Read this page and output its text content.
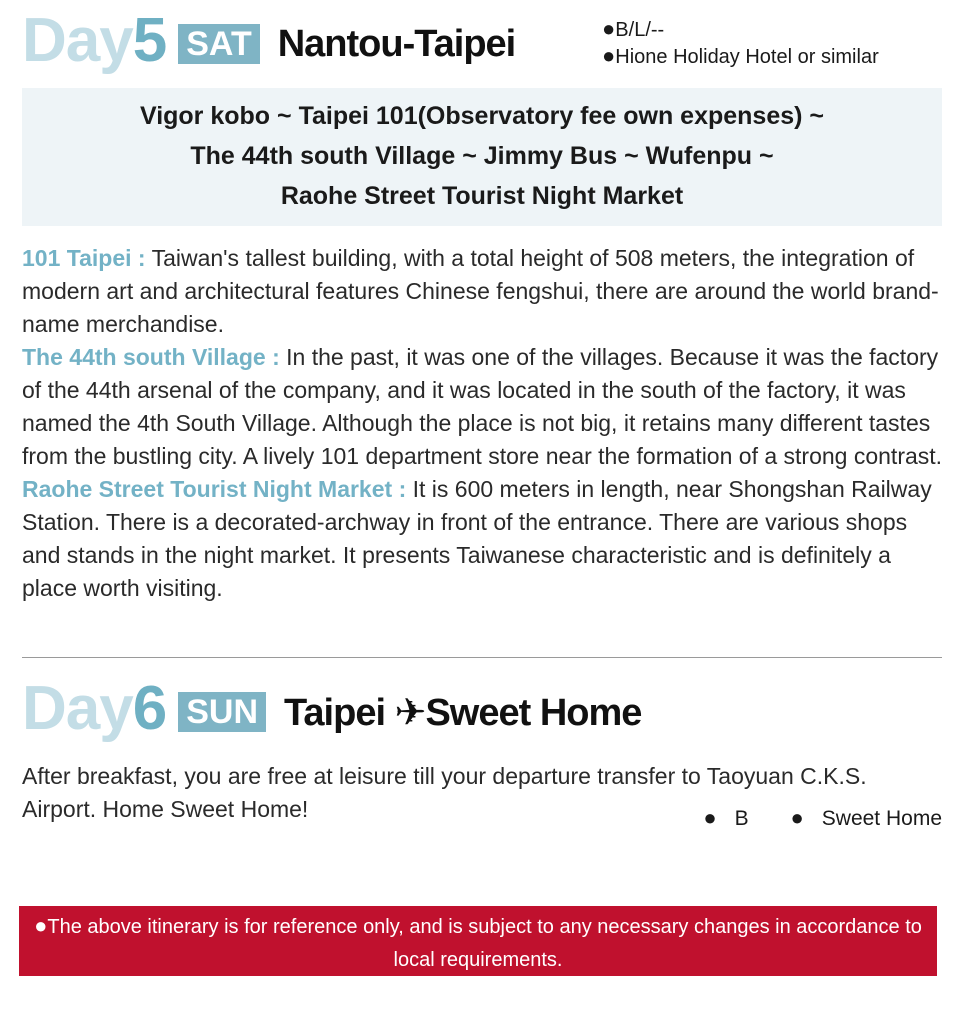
Day5 SAT Nantou-Taipei	●B/L/--
●Hione Holiday Hotel or similar
Vigor kobo ~ Taipei 101(Observatory fee own expenses) ~
The 44th south Village ~ Jimmy Bus ~ Wufenpu ~
Raohe Street Tourist Night Market

101 Taipei : Taiwan's tallest building, with a total height of 508 meters, the integration of modern art and architectural features Chinese fengshui, there are around the world brand-name merchandise.

The 44th south Village : In the past, it was one of the villages. Because it was the factory of the 44th arsenal of the company, and it was located in the south of the factory, it was named the 4th South Village. Although the place is not big, it retains many different tastes from the bustling city. A lively 101 department store near the formation of a strong contrast.

Raohe Street Tourist Night Market : It is 600 meters in length, near Shongshan Railway Station. There is a decorated-archway in front of the entrance. There are various shops and stands in the night market. It presents Taiwanese characteristic and is definitely a place worth visiting.

Day6 SUN Taipei ✈Sweet Home
After breakfast, you are free at leisure till your departure transfer to Taoyuan C.K.S. Airport. Home Sweet Home!	● B ● Sweet Home
●The above itinerary is for reference only, and is subject to any necessary changes in accordance to local requirements.
